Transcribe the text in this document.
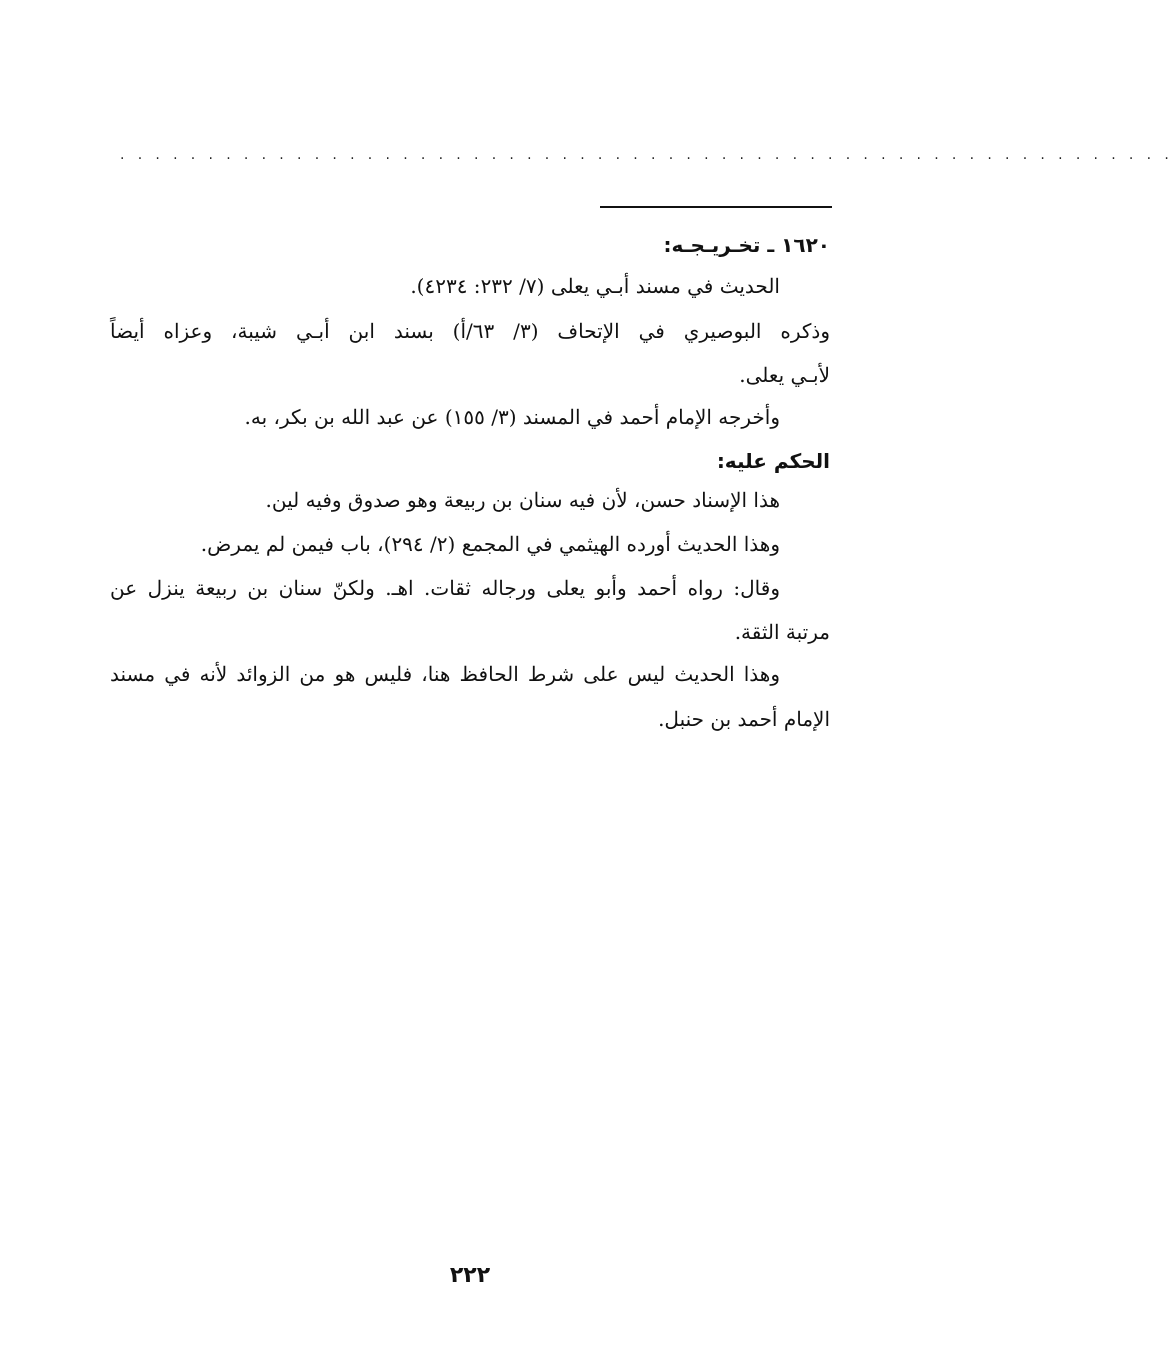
. . . . . . . . . . . . . . . . . . . . . . . . . . . . . . . . . . . . . . . . . . . . . . . . . . . . . . . . . . . .
١٦٢٠ ـ تخـريـجـه:
الحديث في مسند أبـي يعلى (٧/ ٢٣٢: ٤٢٣٤).
وذكره البوصيري في الإتحاف (٣/ ٦٣/أ) بسند ابن أبـي شيبة، وعزاه أيضاً
لأبـي يعلى.
وأخرجه الإمام أحمد في المسند (٣/ ١٥٥) عن عبد الله بن بكر، به.
الحكم عليه:
هذا الإسناد حسن، لأن فيه سنان بن ربيعة وهو صدوق وفيه لين.
وهذا الحديث أورده الهيثمي في المجمع (٢/ ٢٩٤)، باب فيمن لم يمرض.
وقال: رواه أحمد وأبو يعلى ورجاله ثقات. اهـ. ولكنّ سنان بن ربيعة ينزل عن
مرتبة الثقة.
وهذا الحديث ليس على شرط الحافظ هنا، فليس هو من الزوائد لأنه في مسند
الإمام أحمد بن حنبل.
٢٢٢
